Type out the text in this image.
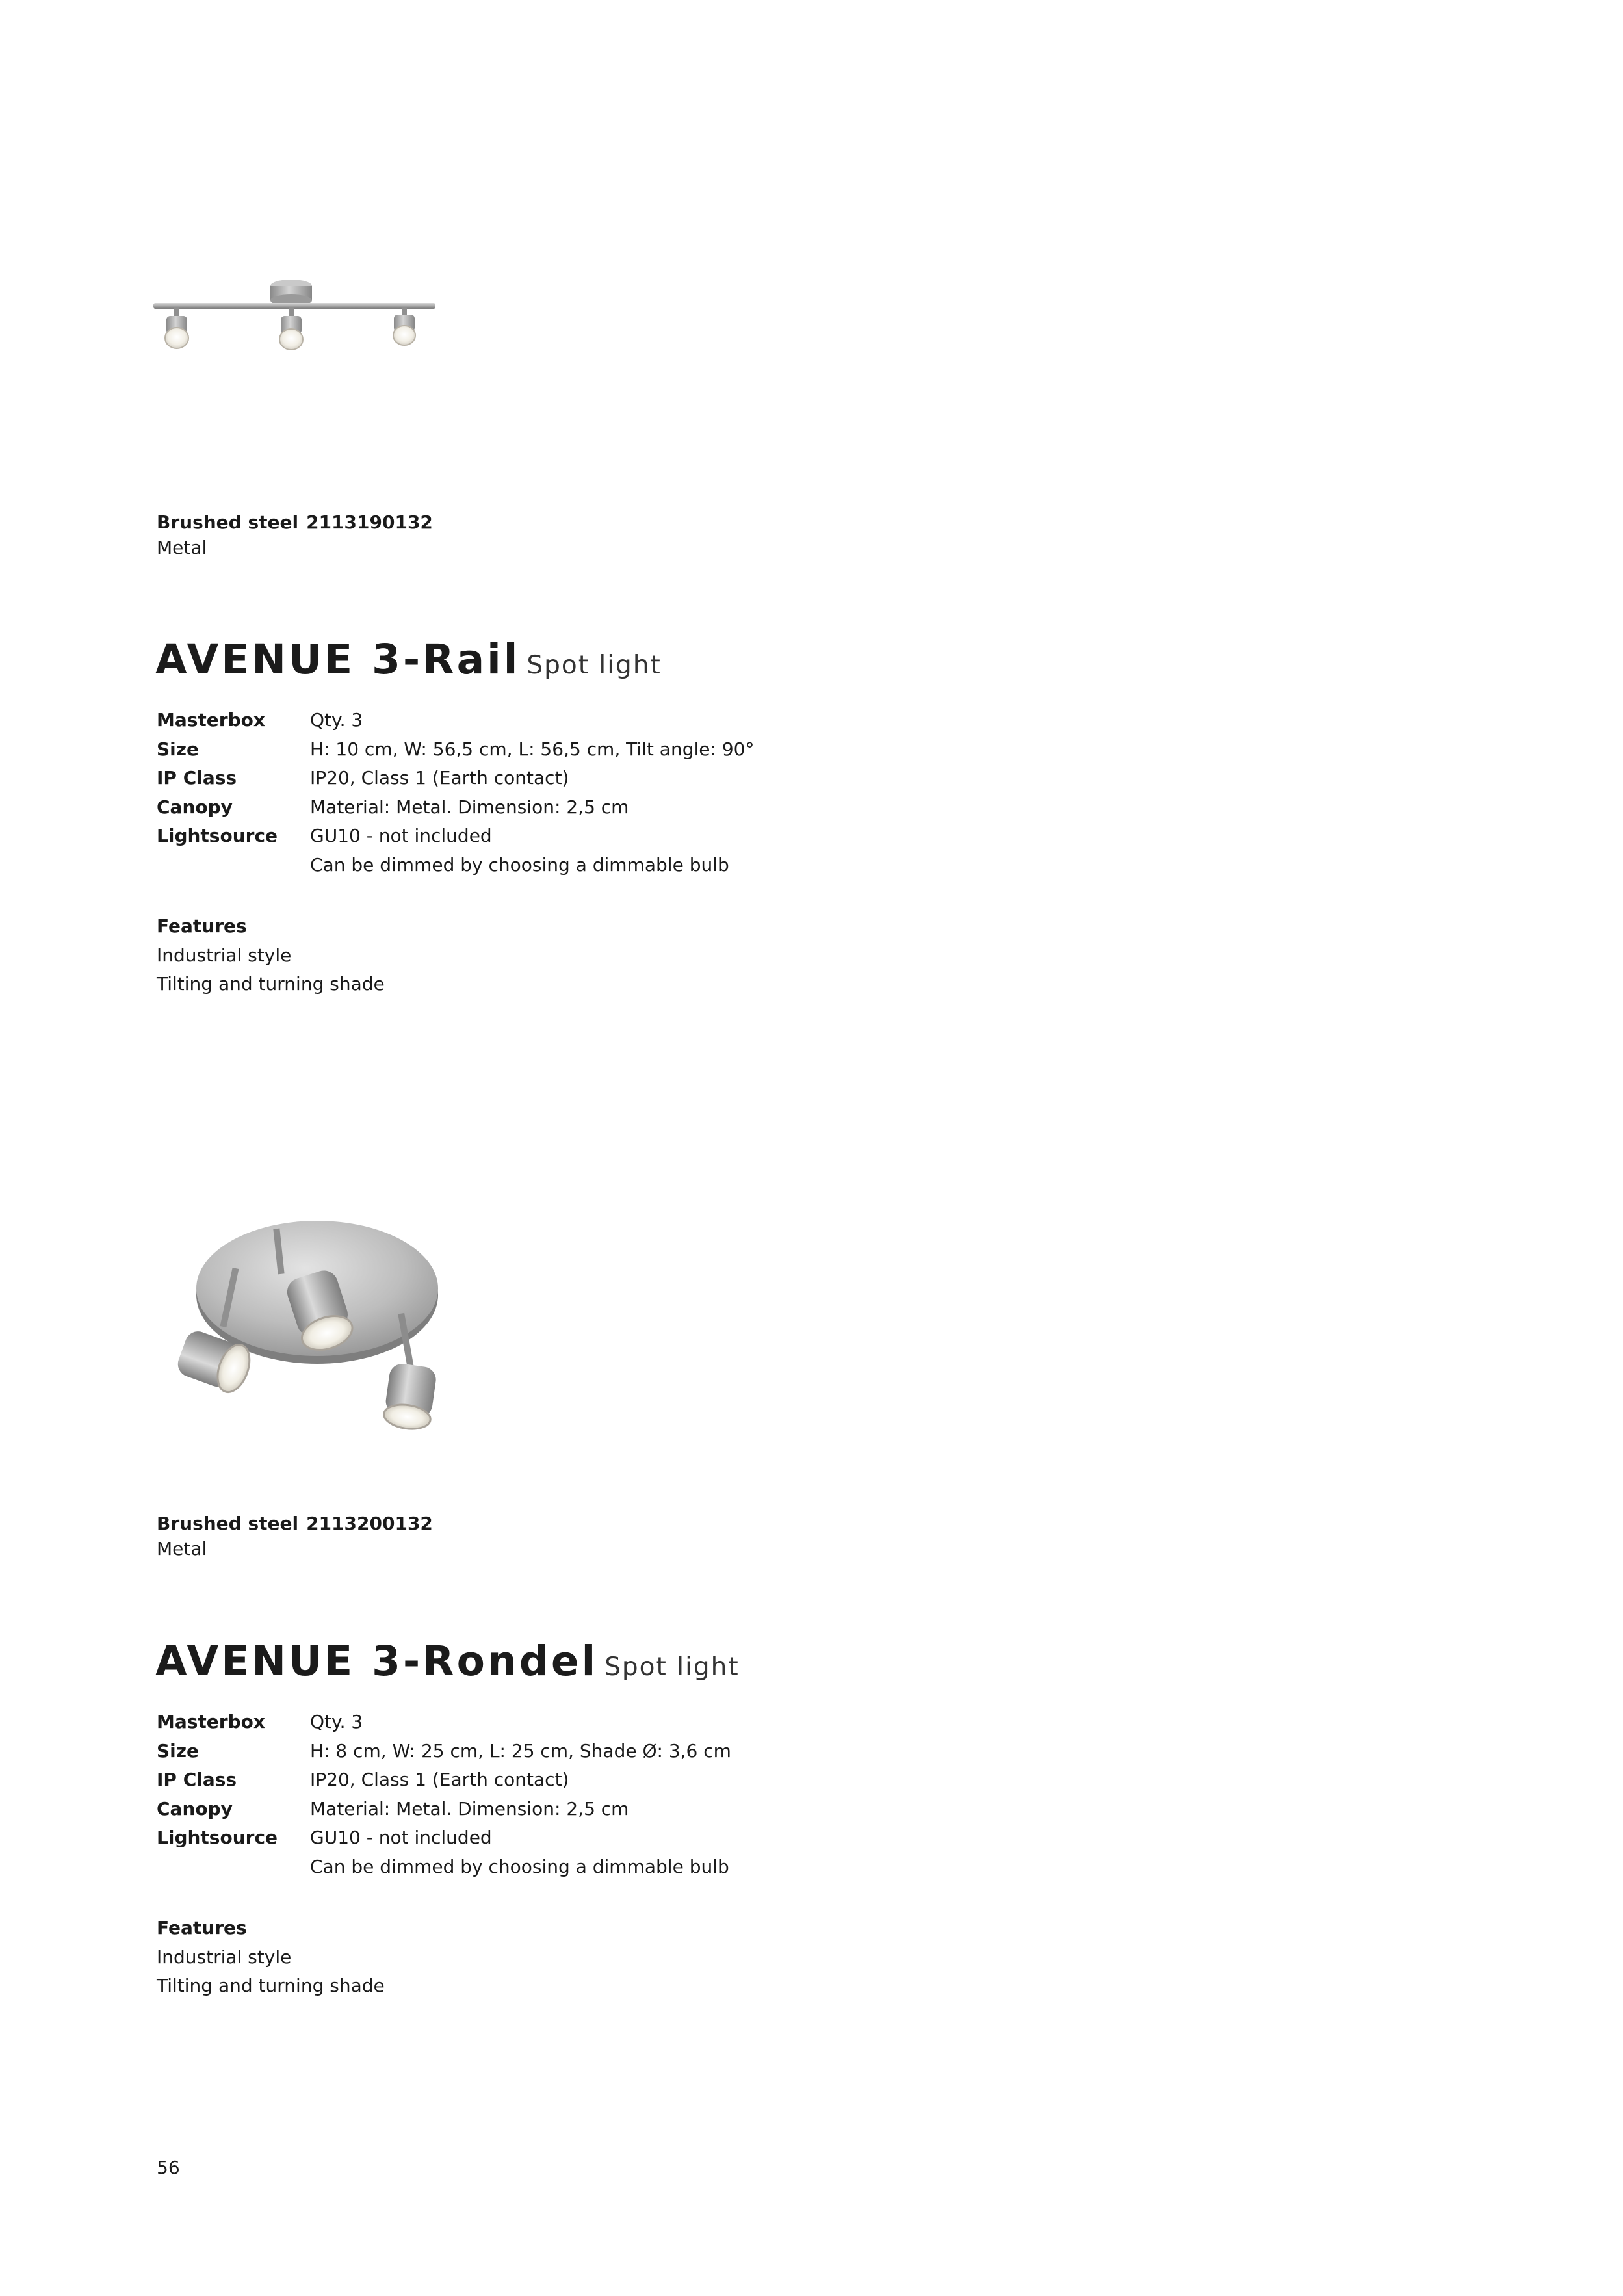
Brushed steel 2113190132
Metal
AVENUE 3-Rail Spot light
Masterbox	Qty. 3
Size	H: 10 cm, W: 56,5 cm, L: 56,5 cm, Tilt angle: 90°
IP Class	IP20, Class 1 (Earth contact)
Canopy	Material: Metal. Dimension: 2,5 cm
Lightsource	GU10 - not included
Can be dimmed by choosing a dimmable bulb
Features
Industrial style
Tilting and turning shade
Brushed steel 2113200132
Metal
AVENUE 3-Rondel Spot light
Masterbox	Qty. 3
Size	H: 8 cm, W: 25 cm, L: 25 cm, Shade Ø: 3,6 cm
IP Class	IP20, Class 1 (Earth contact)
Canopy	Material: Metal. Dimension: 2,5 cm
Lightsource	GU10 - not included
Can be dimmed by choosing a dimmable bulb
Features
Industrial style
Tilting and turning shade
56
